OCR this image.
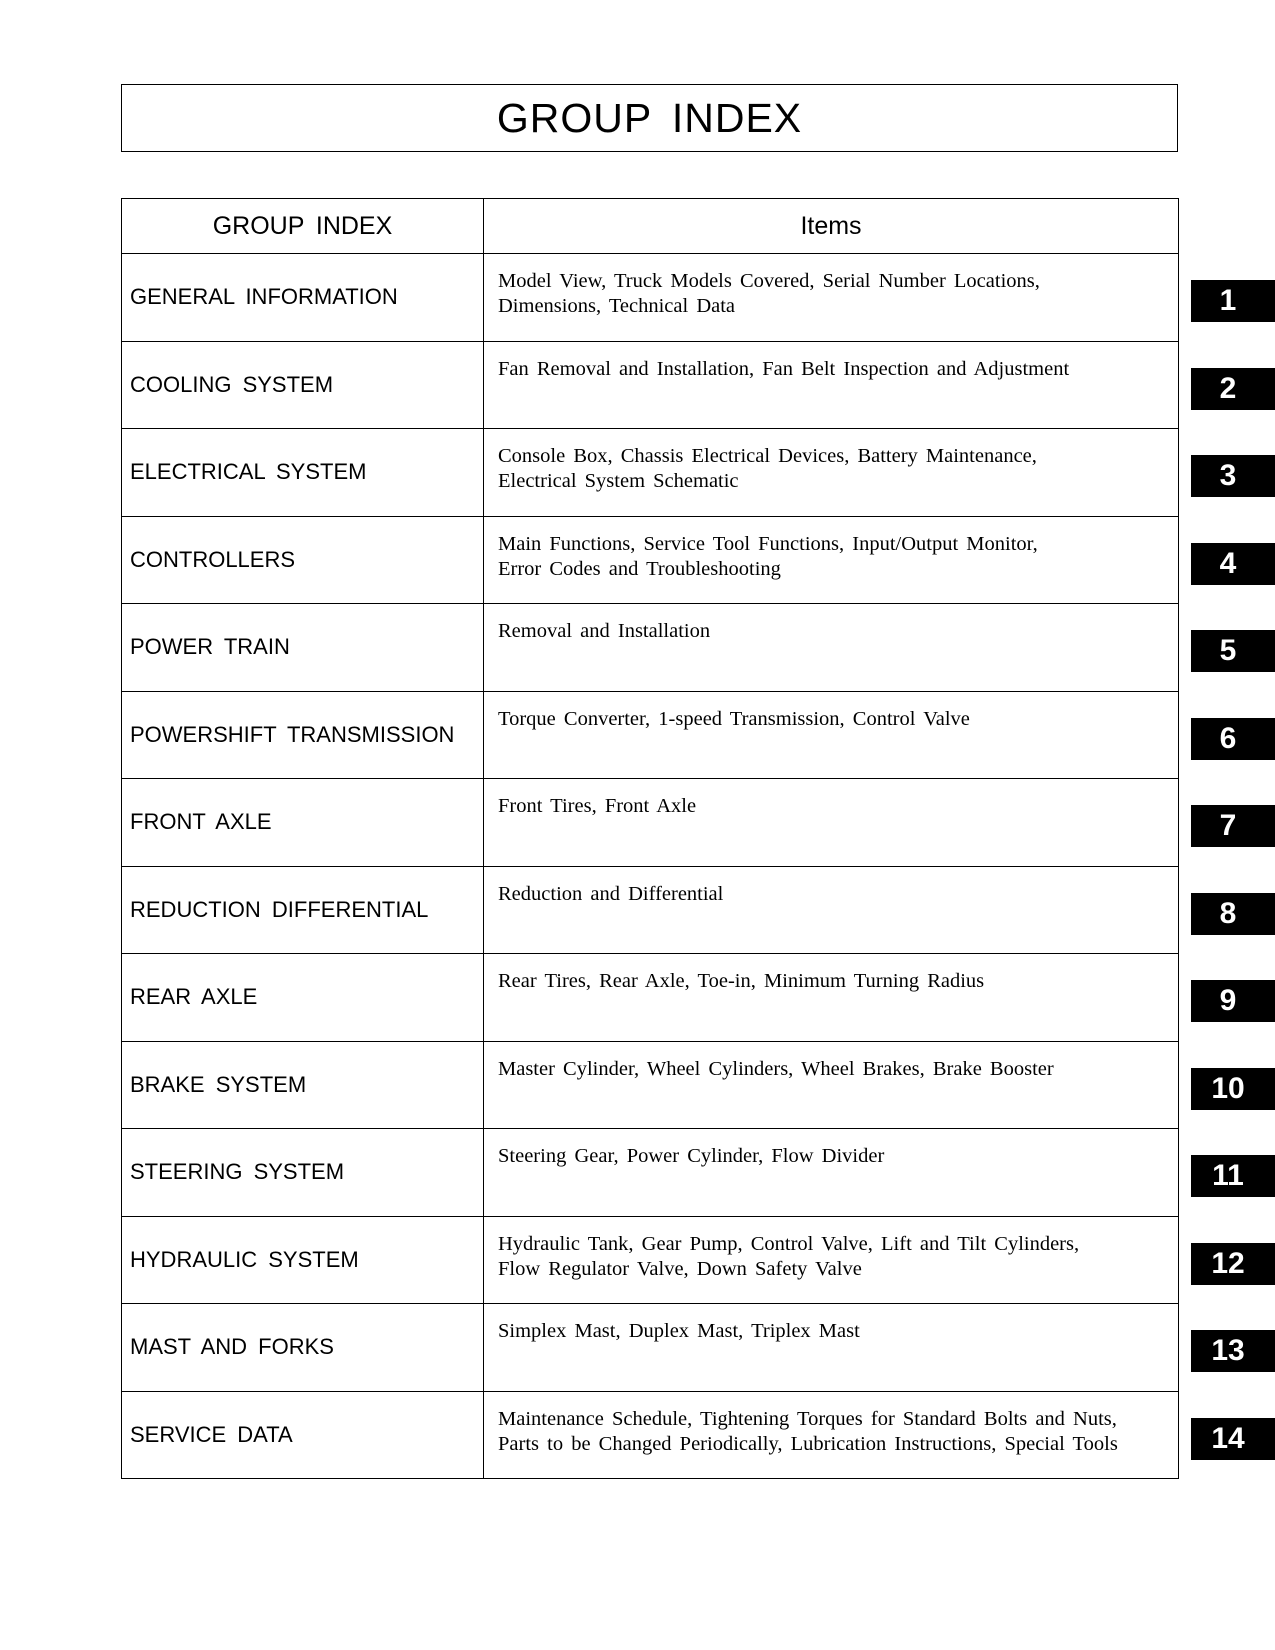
GROUP INDEX
GROUP INDEX	Items
GENERAL INFORMATION	Model View, Truck Models Covered, Serial Number Locations,
Dimensions, Technical Data

COOLING SYSTEM	Fan Removal and Installation, Fan Belt Inspection and Adjustment

ELECTRICAL SYSTEM	Console Box, Chassis Electrical Devices, Battery Maintenance,
Electrical System Schematic

CONTROLLERS	Main Functions, Service Tool Functions, Input/Output Monitor,
Error Codes and Troubleshooting

POWER TRAIN	Removal and Installation

POWERSHIFT TRANSMISSION	Torque Converter, 1-speed Transmission, Control Valve

FRONT AXLE	Front Tires, Front Axle

REDUCTION DIFFERENTIAL	Reduction and Differential

REAR AXLE	Rear Tires, Rear Axle, Toe-in, Minimum Turning Radius

BRAKE SYSTEM	Master Cylinder, Wheel Cylinders, Wheel Brakes, Brake Booster

STEERING SYSTEM	Steering Gear, Power Cylinder, Flow Divider

HYDRAULIC SYSTEM	Hydraulic Tank, Gear Pump, Control Valve, Lift and Tilt Cylinders,
Flow Regulator Valve, Down Safety Valve

MAST AND FORKS	Simplex Mast, Duplex Mast, Triplex Mast

SERVICE DATA	Maintenance Schedule, Tightening Torques for Standard Bolts and Nuts,
Parts to be Changed Periodically, Lubrication Instructions, Special Tools
1
2
3
4
5
6
7
8
9
10
11
12
13
14
